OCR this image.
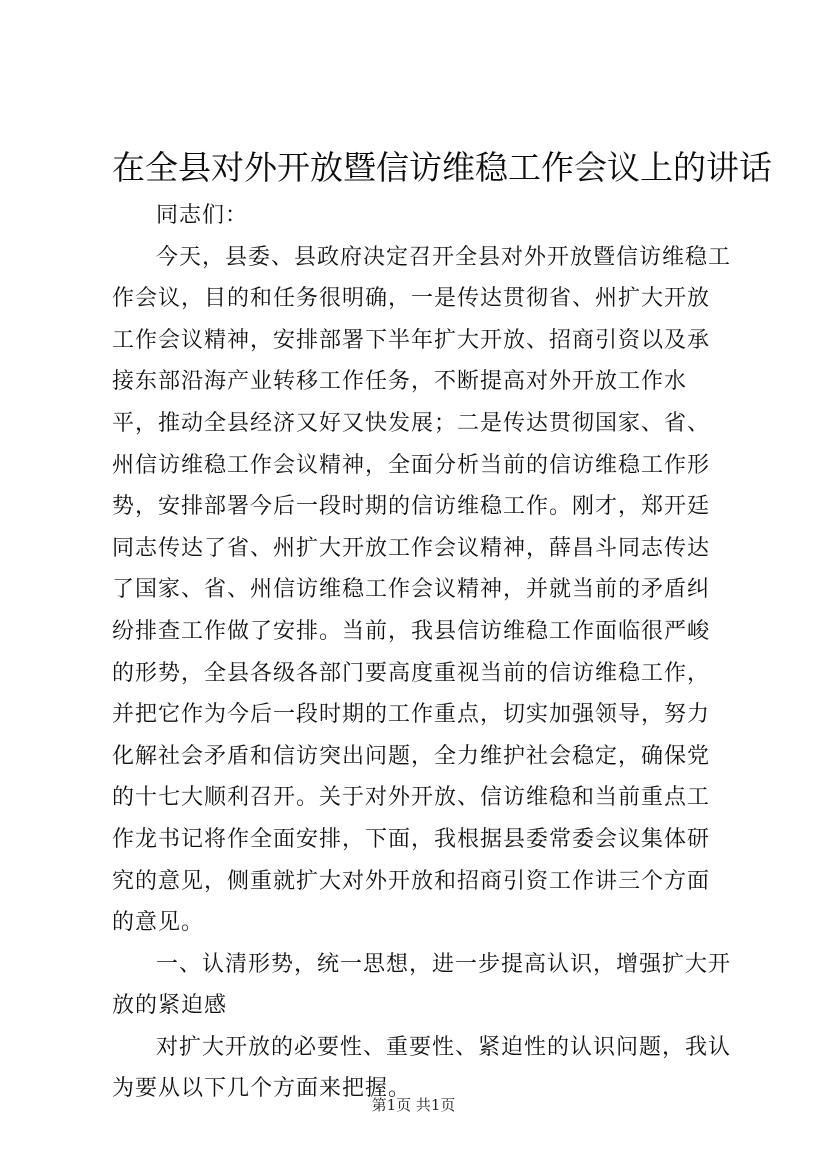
在全县对外开放暨信访维稳工作会议上的讲话

同志们：

今天，县委、县政府决定召开全县对外开放暨信访维稳工作会议，目的和任务很明确，一是传达贯彻省、州扩大开放工作会议精神，安排部署下半年扩大开放、招商引资以及承接东部沿海产业转移工作任务，不断提高对外开放工作水平，推动全县经济又好又快发展；二是传达贯彻国家、省、州信访维稳工作会议精神，全面分析当前的信访维稳工作形势，安排部署今后一段时期的信访维稳工作。刚才，郑开廷同志传达了省、州扩大开放工作会议精神，薛昌斗同志传达了国家、省、州信访维稳工作会议精神，并就当前的矛盾纠纷排查工作做了安排。当前，我县信访维稳工作面临很严峻的形势，全县各级各部门要高度重视当前的信访维稳工作，并把它作为今后一段时期的工作重点，切实加强领导，努力化解社会矛盾和信访突出问题，全力维护社会稳定，确保党的十七大顺利召开。关于对外开放、信访维稳和当前重点工作龙书记将作全面安排，下面，我根据县委常委会议集体研究的意见，侧重就扩大对外开放和招商引资工作讲三个方面的意见。

一、认清形势，统一思想，进一步提高认识，增强扩大开放的紧迫感

对扩大开放的必要性、重要性、紧迫性的认识问题，我认为要从以下几个方面来把握。

第1页 共1页
